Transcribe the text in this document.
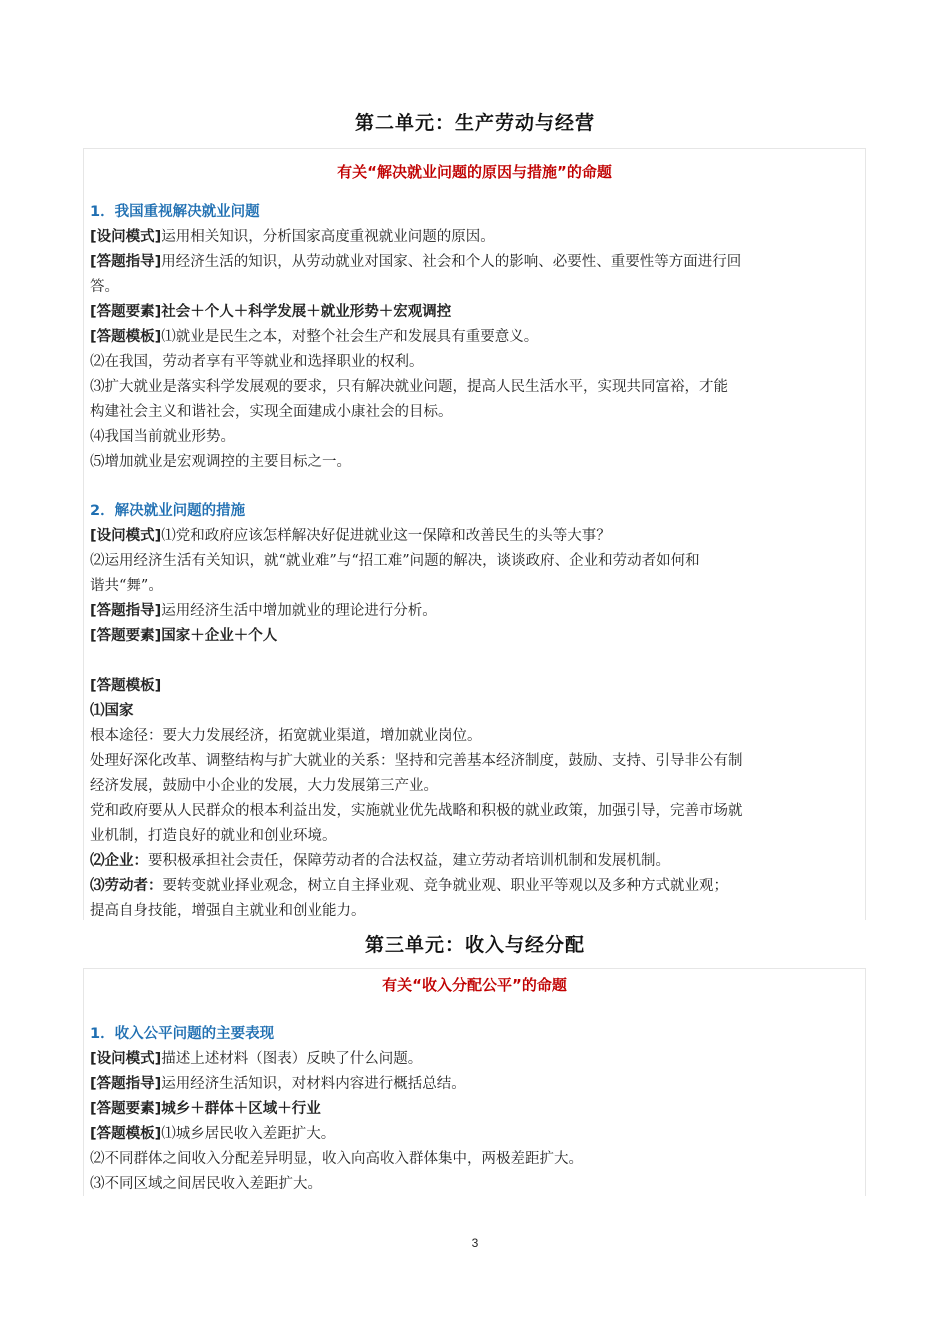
第二单元：生产劳动与经营
有关“解决就业问题的原因与措施”的命题
1．我国重视解决就业问题
[设问模式]运用相关知识，分析国家高度重视就业问题的原因。
[答题指导]用经济生活的知识，从劳动就业对国家、社会和个人的影响、必要性、重要性等方面进行回
答。
[答题要素]社会＋个人＋科学发展＋就业形势＋宏观调控
[答题模板]⑴就业是民生之本，对整个社会生产和发展具有重要意义。
⑵在我国，劳动者享有平等就业和选择职业的权利。
⑶扩大就业是落实科学发展观的要求，只有解决就业问题，提高人民生活水平，实现共同富裕，才能
构建社会主义和谐社会，实现全面建成小康社会的目标。
⑷我国当前就业形势。
⑸增加就业是宏观调控的主要目标之一。
2．解决就业问题的措施
[设问模式]⑴党和政府应该怎样解决好促进就业这一保障和改善民生的头等大事？
⑵运用经济生活有关知识，就“就业难”与“招工难”问题的解决，谈谈政府、企业和劳动者如何和
谐共“舞”。
[答题指导]运用经济生活中增加就业的理论进行分析。
[答题要素]国家＋企业＋个人
[答题模板]
⑴国家
根本途径：要大力发展经济，拓宽就业渠道，增加就业岗位。
处理好深化改革、调整结构与扩大就业的关系：坚持和完善基本经济制度，鼓励、支持、引导非公有制
经济发展，鼓励中小企业的发展，大力发展第三产业。
党和政府要从人民群众的根本利益出发，实施就业优先战略和积极的就业政策，加强引导，完善市场就
业机制，打造良好的就业和创业环境。
⑵企业：要积极承担社会责任，保障劳动者的合法权益，建立劳动者培训机制和发展机制。
⑶劳动者：要转变就业择业观念，树立自主择业观、竞争就业观、职业平等观以及多种方式就业观；
提高自身技能，增强自主就业和创业能力。
第三单元：收入与经分配
有关“收入分配公平”的命题
1．收入公平问题的主要表现
[设问模式]描述上述材料（图表）反映了什么问题。
[答题指导]运用经济生活知识，对材料内容进行概括总结。
[答题要素]城乡＋群体＋区域＋行业
[答题模板]⑴城乡居民收入差距扩大。
⑵不同群体之间收入分配差异明显，收入向高收入群体集中，两极差距扩大。
⑶不同区域之间居民收入差距扩大。
3
